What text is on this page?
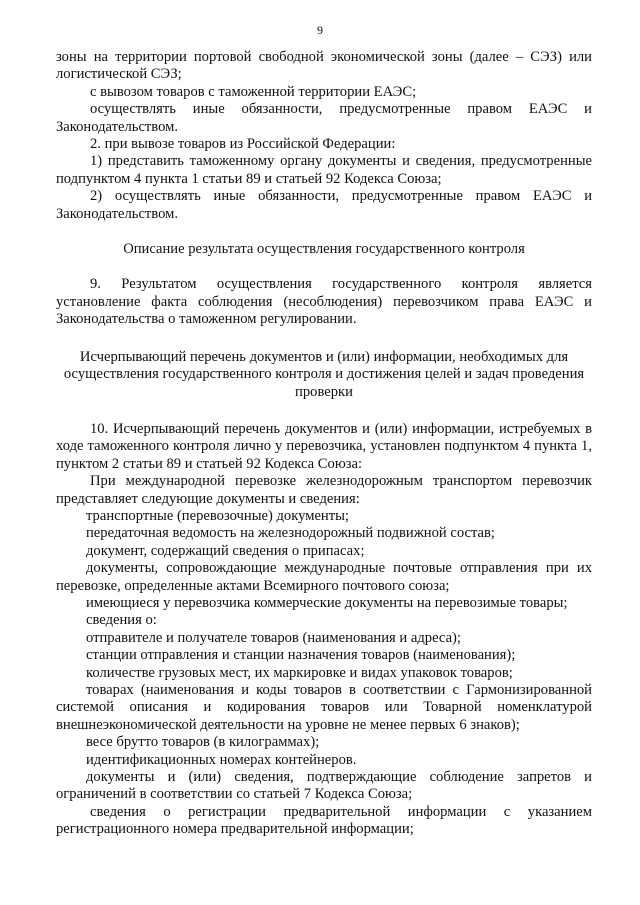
9

зоны на территории портовой свободной экономической зоны (далее – СЭЗ) или логистической СЭЗ;

с вывозом товаров с таможенной территории ЕАЭС;

осуществлять иные обязанности, предусмотренные правом ЕАЭС и Законодательством.

2. при вывозе товаров из Российской Федерации:

1) представить таможенному органу документы и сведения, предусмотренные подпунктом 4 пункта 1 статьи 89 и статьей 92 Кодекса Союза;

2) осуществлять иные обязанности, предусмотренные правом ЕАЭС и Законодательством.

Описание результата осуществления государственного контроля

9. Результатом осуществления государственного контроля является установление факта соблюдения (несоблюдения) перевозчиком права ЕАЭС и Законодательства о таможенном регулировании.

Исчерпывающий перечень документов и (или) информации, необходимых для осуществления государственного контроля и достижения целей и задач проведения проверки

10. Исчерпывающий перечень документов и (или) информации, истребуемых в ходе таможенного контроля лично у перевозчика, установлен подпунктом 4 пункта 1, пунктом 2 статьи 89 и статьей 92 Кодекса Союза:

При международной перевозке железнодорожным транспортом перевозчик представляет следующие документы и сведения:

транспортные (перевозочные) документы;

передаточная ведомость на железнодорожный подвижной состав;

документ, содержащий сведения о припасах;

документы, сопровождающие международные почтовые отправления при их перевозке, определенные актами Всемирного почтового союза;

имеющиеся у перевозчика коммерческие документы на перевозимые товары;

сведения о:

отправителе и получателе товаров (наименования и адреса);

станции отправления и станции назначения товаров (наименования);

количестве грузовых мест, их маркировке и видах упаковок товаров;

товарах (наименования и коды товаров в соответствии с Гармонизированной системой описания и кодирования товаров или Товарной номенклатурой внешнеэкономической деятельности на уровне не менее первых 6 знаков);

весе брутто товаров (в килограммах);

идентификационных номерах контейнеров.

документы и (или) сведения, подтверждающие соблюдение запретов и ограничений в соответствии со статьей 7 Кодекса Союза;

сведения о регистрации предварительной информации с указанием регистрационного номера предварительной информации;
